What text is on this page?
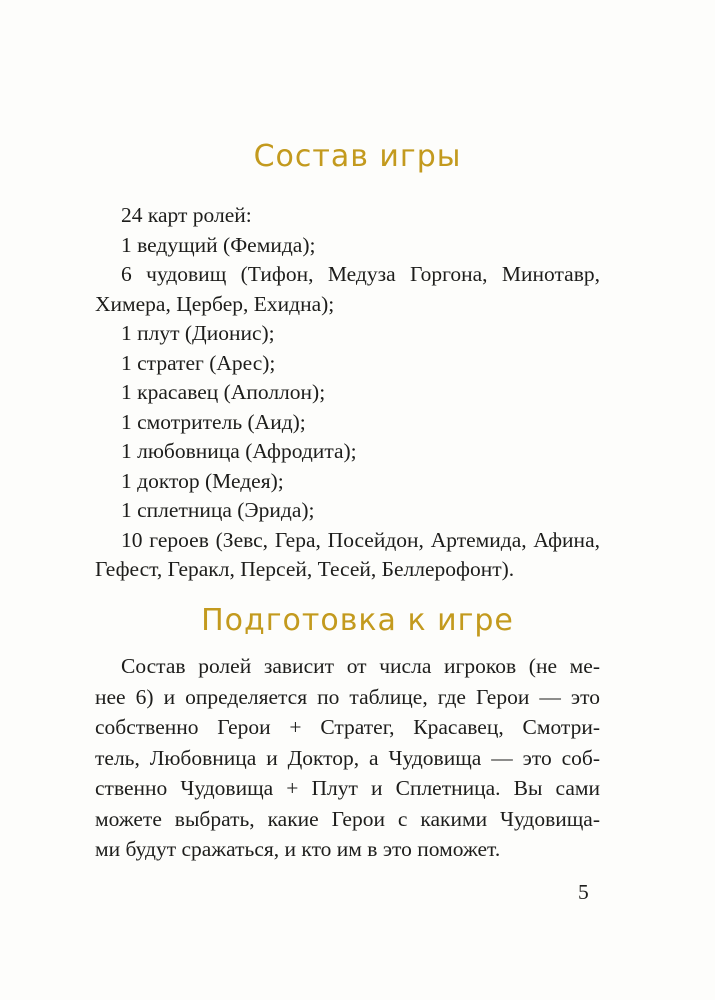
Состав игры
24 карт ролей:
1 ведущий (Фемида);
6 чудовищ (Тифон, Медуза Горгона, Минотавр, Химера, Цербер, Ехидна);
1 плут (Дионис);
1 стратег (Арес);
1 красавец (Аполлон);
1 смотритель (Аид);
1 любовница (Афродита);
1 доктор (Медея);
1 сплетница (Эрида);
10 героев (Зевс, Гера, Посейдон, Артемида, Афина, Гефест, Геракл, Персей, Тесей, Беллерофонт).
Подготовка к игре

Состав ролей зависит от числа игроков (не ме-
нее 6) и определяется по таблице, где Герои — это
собственно Герои + Стратег, Красавец, Смотри-
тель, Любовница и Доктор, а Чудовища — это соб-
ственно Чудовища + Плут и Сплетница. Вы сами
можете выбрать, какие Герои с какими Чудовища-
ми будут сражаться, и кто им в это поможет.

5
